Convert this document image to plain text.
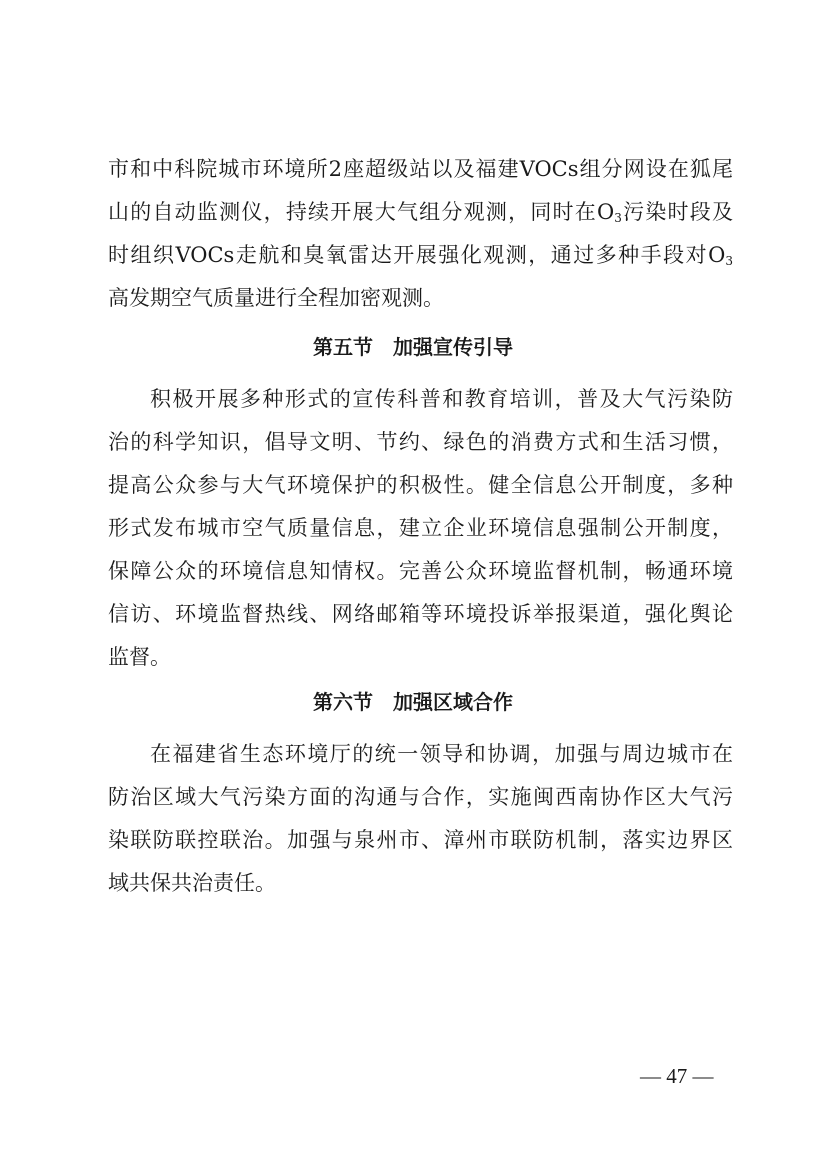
市和中科院城市环境所2座超级站以及福建VOCs组分网设在狐尾
山的自动监测仪，持续开展大气组分观测，同时在$O_3$污染时段及
时组织VOCs走航和臭氧雷达开展强化观测，通过多种手段对$O_3$
高发期空气质量进行全程加密观测。
第五节　加强宣传引导
积极开展多种形式的宣传科普和教育培训，普及大气污染防
治的科学知识，倡导文明、节约、绿色的消费方式和生活习惯，
提高公众参与大气环境保护的积极性。健全信息公开制度，多种
形式发布城市空气质量信息，建立企业环境信息强制公开制度，
保障公众的环境信息知情权。完善公众环境监督机制，畅通环境
信访、环境监督热线、网络邮箱等环境投诉举报渠道，强化舆论
监督。
第六节　加强区域合作
在福建省生态环境厅的统一领导和协调，加强与周边城市在
防治区域大气污染方面的沟通与合作，实施闽西南协作区大气污
染联防联控联治。加强与泉州市、漳州市联防机制，落实边界区
域共保共治责任。
— 47 —
